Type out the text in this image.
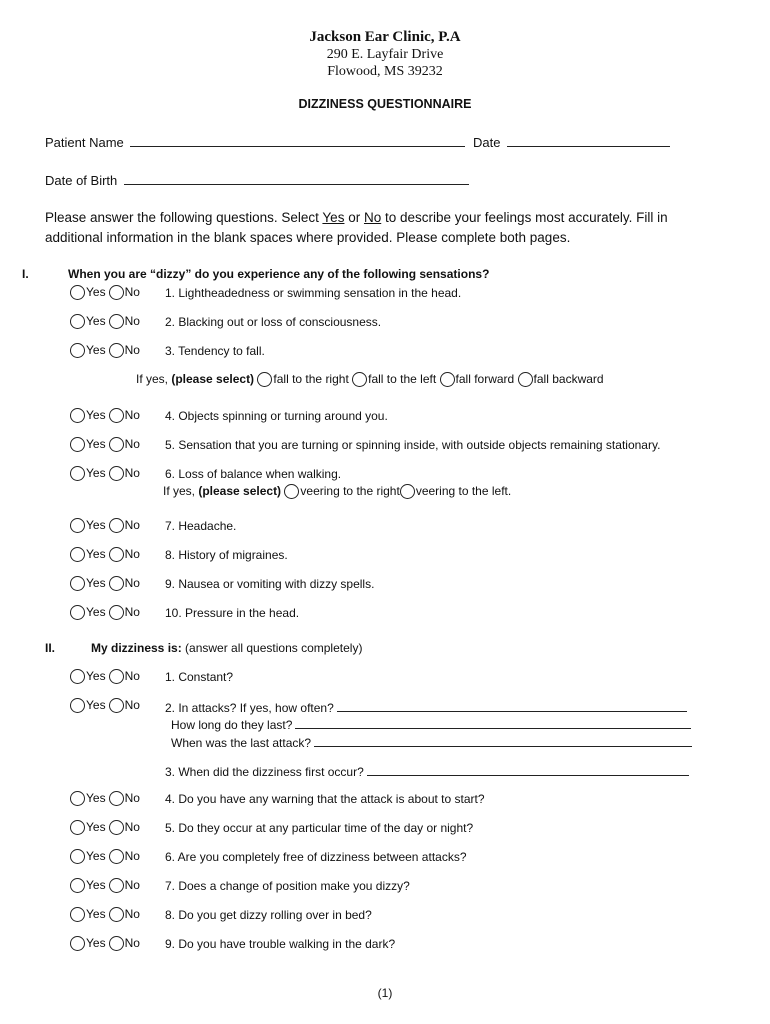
Jackson Ear Clinic, P.A
290 E. Layfair Drive
Flowood, MS 39232
DIZZINESS QUESTIONNAIRE
Patient Name	Date
Date of Birth
Please answer the following questions. Select Yes or No to describe your feelings most accurately. Fill in additional information in the blank spaces where provided. Please complete both pages.
I.	When you are “dizzy” do you experience any of the following sensations?
Yes No 1. Lightheadedness or swimming sensation in the head.
Yes No 2. Blacking out or loss of consciousness.
Yes No 3. Tendency to fall.
If yes, (please select) fall to the right fall to the left fall forward fall backward
Yes No 4. Objects spinning or turning around you.
Yes No 5. Sensation that you are turning or spinning inside, with outside objects remaining stationary.
Yes No 6. Loss of balance when walking.
If yes, (please select) veering to the right veering to the left.
Yes No 7. Headache.
Yes No 8. History of migraines.
Yes No 9. Nausea or vomiting with dizzy spells.
Yes No 10. Pressure in the head.
II.	My dizziness is: (answer all questions completely)
Yes No 1. Constant?
Yes No 2. In attacks? If yes, how often?
How long do they last?
When was the last attack?
3. When did the dizziness first occur?
Yes No 4. Do you have any warning that the attack is about to start?
Yes No 5. Do they occur at any particular time of the day or night?
Yes No 6. Are you completely free of dizziness between attacks?
Yes No 7. Does a change of position make you dizzy?
Yes No 8. Do you get dizzy rolling over in bed?
Yes No 9. Do you have trouble walking in the dark?
(1)
